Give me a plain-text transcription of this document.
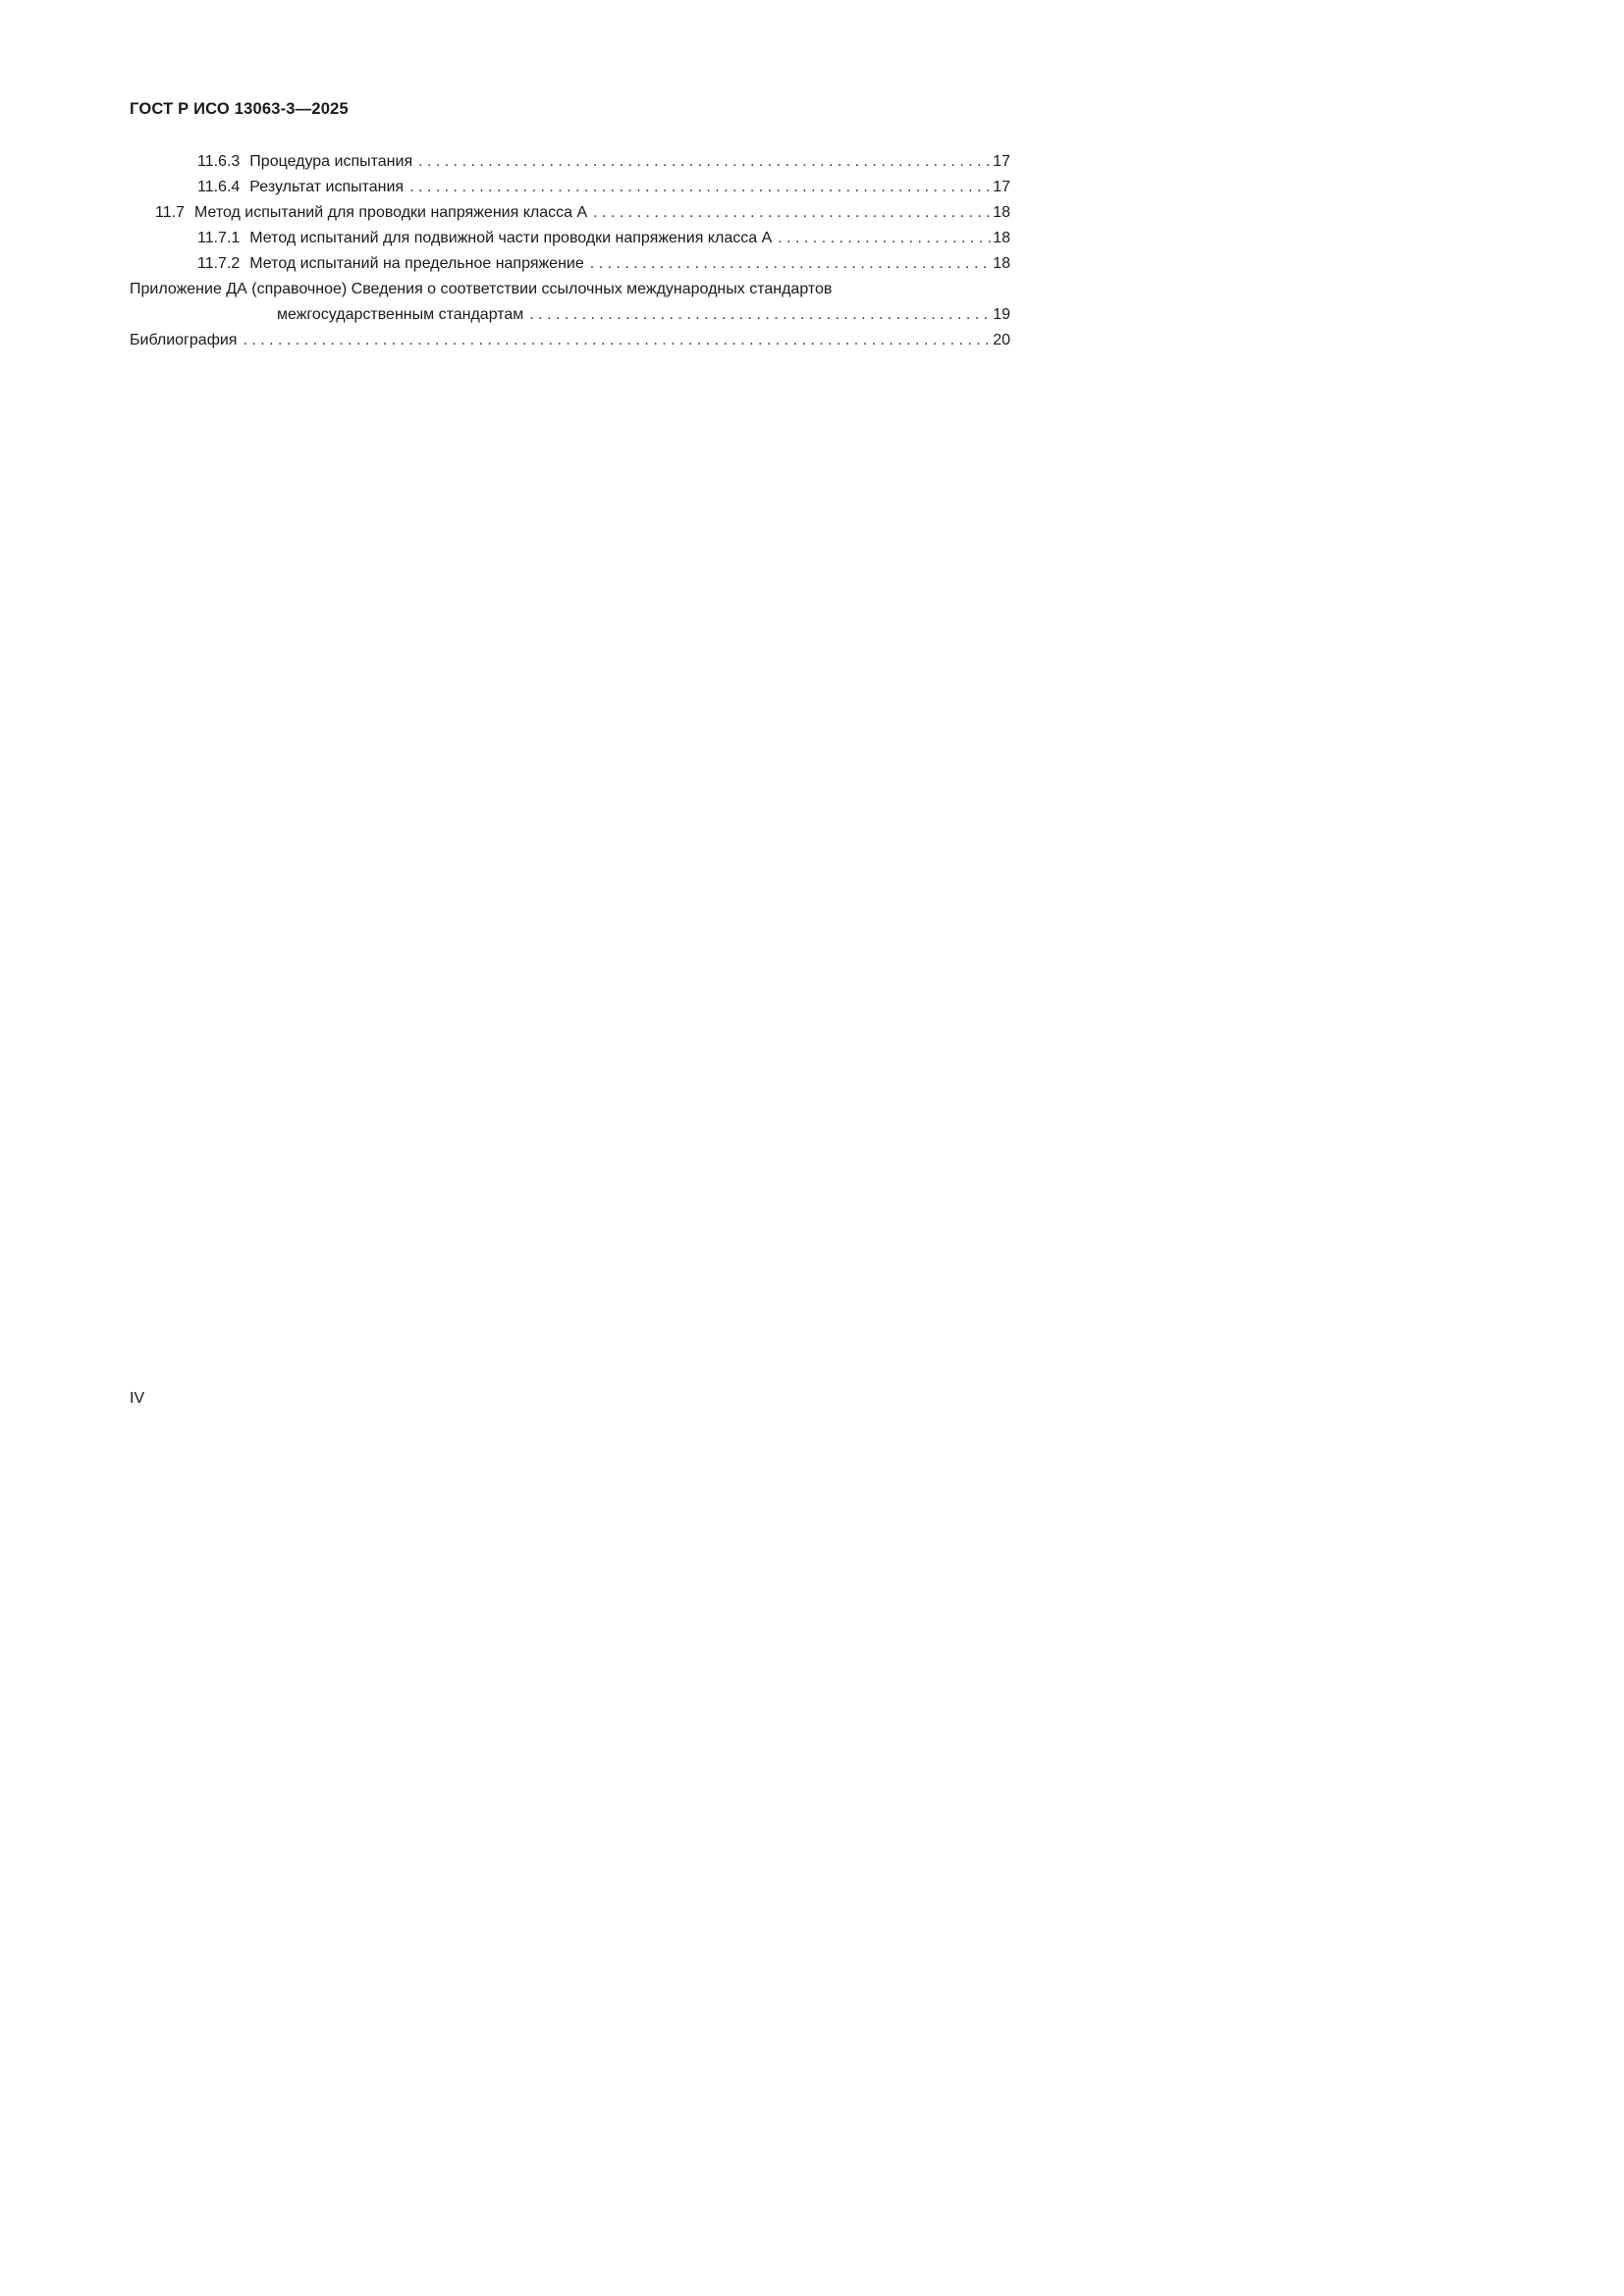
ГОСТ Р ИСО 13063-3—2025
11.6.3 Процедура испытания . . .	17
11.6.4 Результат испытания . . .	17
11.7 Метод испытаний для проводки напряжения класса А . . .	18
11.7.1 Метод испытаний для подвижной части проводки напряжения класса А . . .	18
11.7.2 Метод испытаний на предельное напряжение . . .	18
Приложение ДА (справочное) Сведения о соответствии ссылочных международных стандартов
межгосударственным стандартам . . .	19
Библиография . . .	20
IV
